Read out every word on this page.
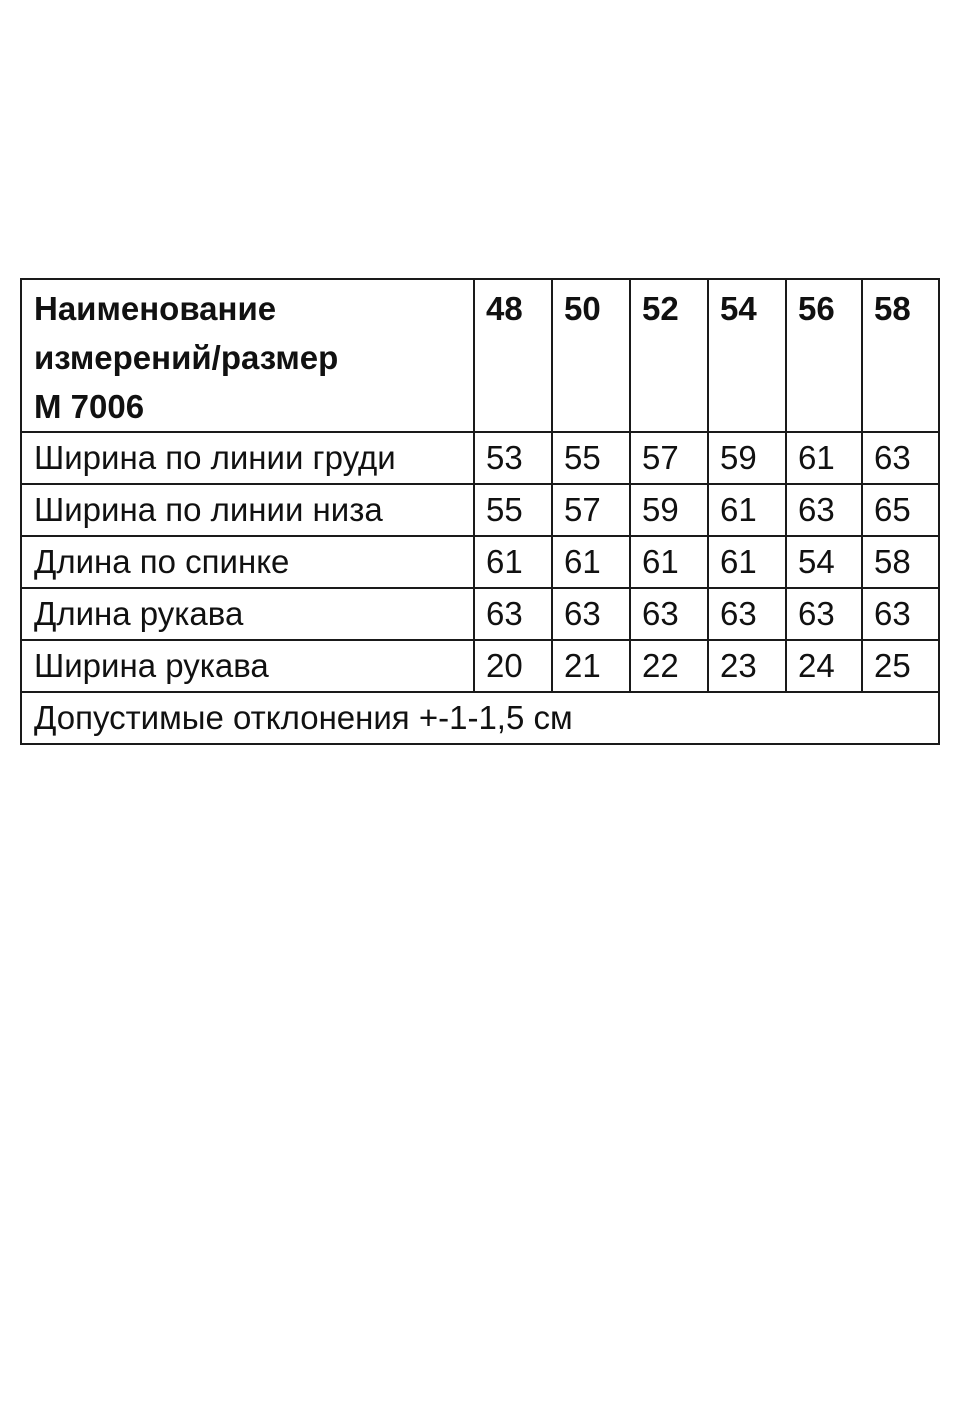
Наименование
измерений/размер
М 7006	48	50	52	54	56	58
Ширина по линии груди	53	55	57	59	61	63
Ширина по линии низа	55	57	59	61	63	65
Длина по спинке	61	61	61	61	54	58
Длина рукава	63	63	63	63	63	63
Ширина рукава	20	21	22	23	24	25
Допустимые отклонения +-1-1,5 см						
